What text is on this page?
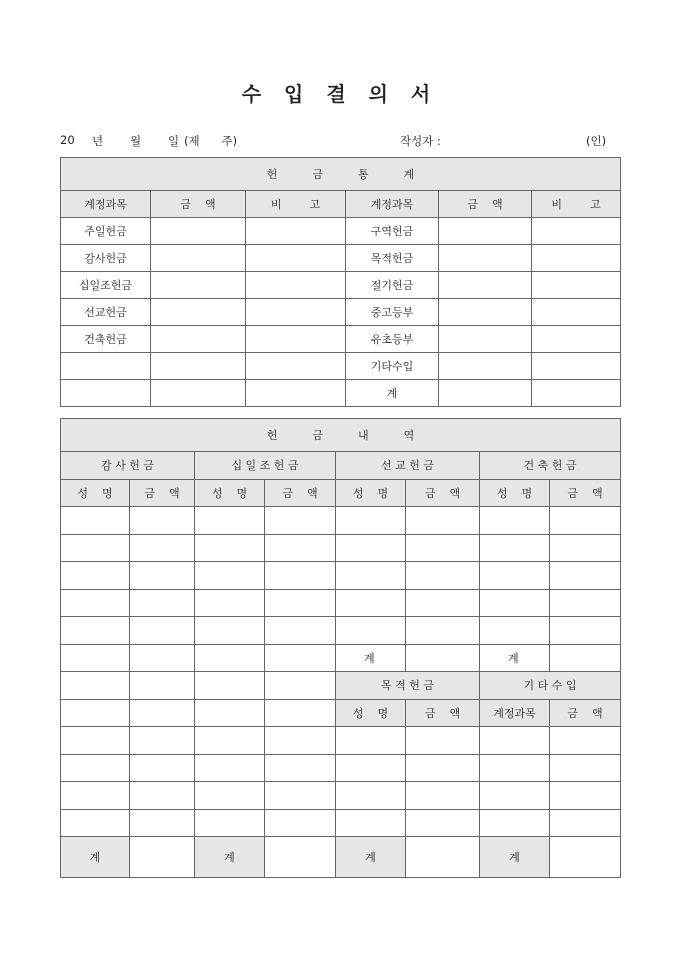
수 입 결 의 서
20 년 월 일 (제      주)	작성자 :	(인)
헌          금          통          계					
계정과목	금    액	비        고	계정과목	금    액	비        고
주일헌금			구역헌금		
감사헌금			목적헌금		
십일조헌금			절기헌금		
선교헌금			중고등부		
건축헌금			유초등부		
			기타수입		
			계		
헌          금          내          역							
감 사 헌 금		십 일 조 헌 금		선 교 헌 금		건 축 헌 금	
성    명	금    액	성    명	금    액	성    명	금    액	성    명	금    액

				계		계	
				목 적 헌 금		기 타 수 입	
				성    명	금    액	계정과목	금    액

계		계		계		계	
